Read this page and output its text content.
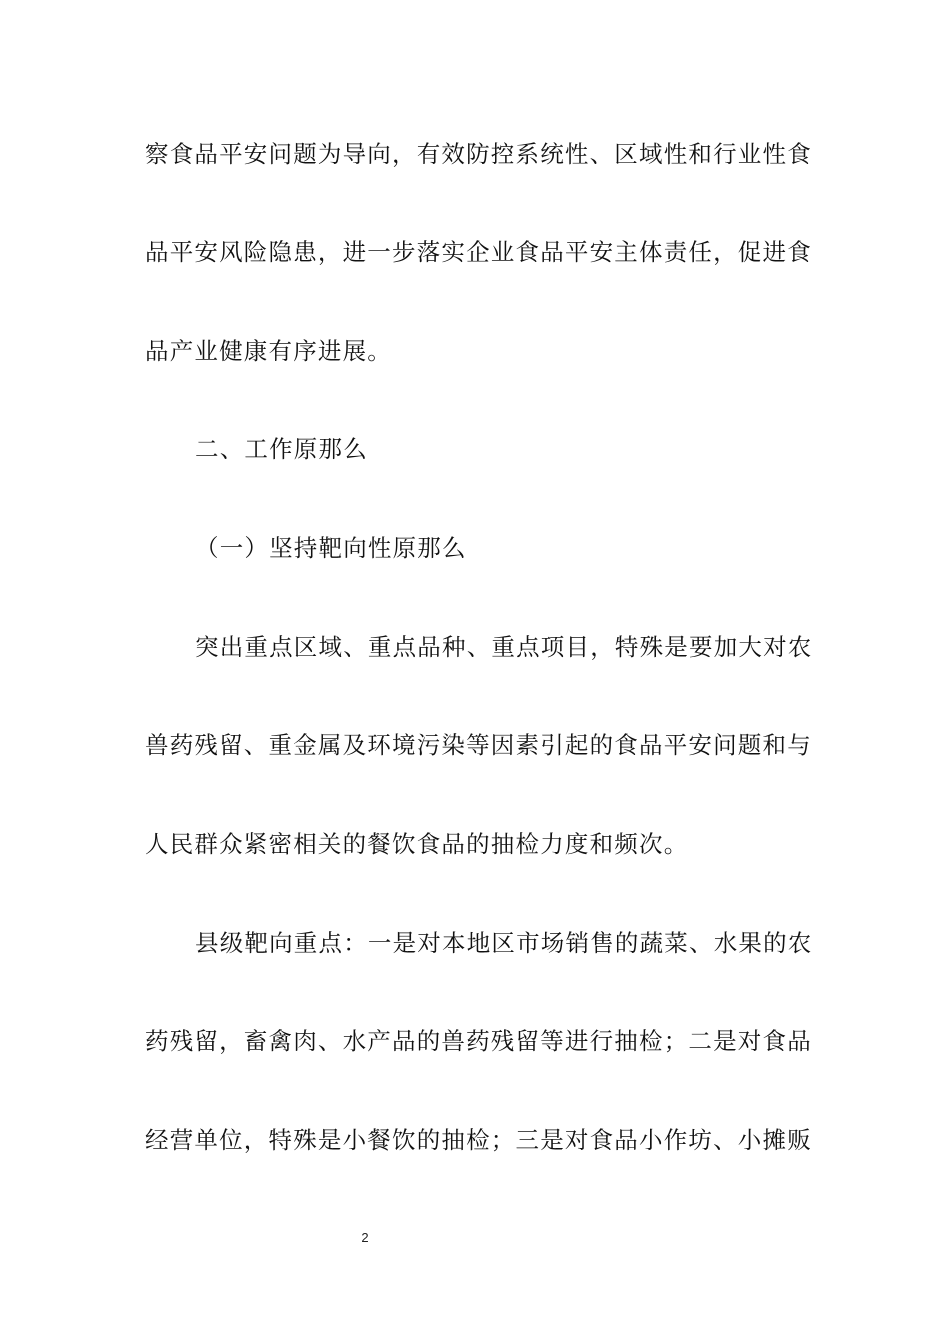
察食品平安问题为导向，有效防控系统性、区域性和行业性食
品平安风险隐患，进一步落实企业食品平安主体责任，促进食
品产业健康有序进展。
二、工作原那么
（一）坚持靶向性原那么
突出重点区域、重点品种、重点项目，特殊是要加大对农
兽药残留、重金属及环境污染等因素引起的食品平安问题和与
人民群众紧密相关的餐饮食品的抽检力度和频次。
县级靶向重点：一是对本地区市场销售的蔬菜、水果的农
药残留，畜禽肉、水产品的兽药残留等进行抽检；二是对食品
经营单位，特殊是小餐饮的抽检；三是对食品小作坊、小摊贩
2
